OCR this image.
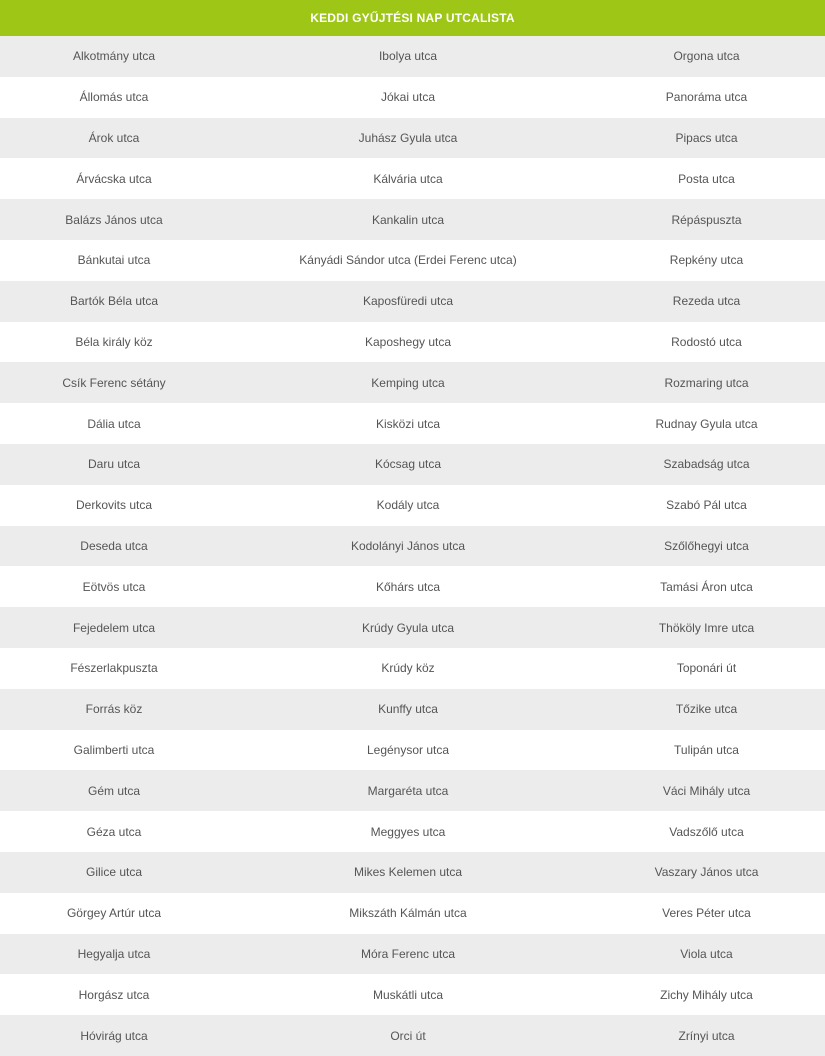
KEDDI GYŰJTÉSI NAP UTCALISTA
Alkotmány utca	Ibolya utca	Orgona utca
Állomás utca	Jókai utca	Panoráma utca
Árok utca	Juhász Gyula utca	Pipacs utca
Árvácska utca	Kálvária utca	Posta utca
Balázs János utca	Kankalin utca	Répáspuszta
Bánkutai utca	Kányádi Sándor utca (Erdei Ferenc utca)	Repkény utca
Bartók Béla utca	Kaposfüredi utca	Rezeda utca
Béla király köz	Kaposhegy utca	Rodostó utca
Csík Ferenc sétány	Kemping utca	Rozmaring utca
Dália utca	Kisközi utca	Rudnay Gyula utca
Daru utca	Kócsag utca	Szabadság utca
Derkovits utca	Kodály utca	Szabó Pál utca
Deseda utca	Kodolányi János utca	Szőlőhegyi utca
Eötvös utca	Kőhárs utca	Tamási Áron utca
Fejedelem utca	Krúdy Gyula utca	Thököly Imre utca
Fészerlakpuszta	Krúdy köz	Toponári út
Forrás köz	Kunffy utca	Tőzike utca
Galimberti utca	Legénysor utca	Tulipán utca
Gém utca	Margaréta utca	Váci Mihály utca
Géza utca	Meggyes utca	Vadszőlő utca
Gilice utca	Mikes Kelemen utca	Vaszary János utca
Görgey Artúr utca	Mikszáth Kálmán utca	Veres Péter utca
Hegyalja utca	Móra Ferenc utca	Viola utca
Horgász utca	Muskátli utca	Zichy Mihály utca
Hóvirág utca	Orci út	Zrínyi utca
